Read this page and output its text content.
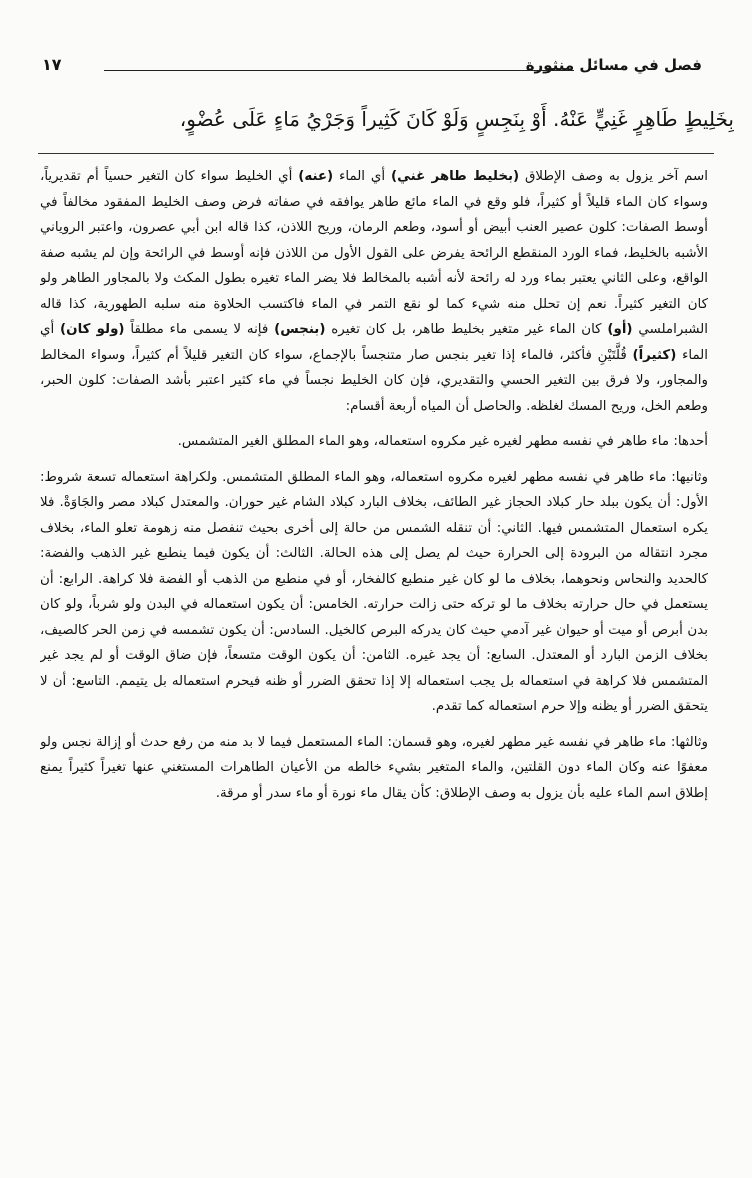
فصل في مسائل منثورة
١٧
بِخَلِيطٍ طَاهِرٍ غَنِيٍّ عَنْهُ. أَوْ بِنَجِسٍ وَلَوْ كَانَ كَثِيراً وَجَرْيُ مَاءٍ عَلَى عُضْوٍ،

اسم آخر يزول به وصف الإطلاق (بخليط طاهر غني) أي الماء (عنه) أي الخليط سواء كان التغير حسياً أم تقديرياً، وسواء كان الماء قليلاً أو كثيراً، فلو وقع في الماء مائع طاهر يوافقه في صفاته فرض وصف الخليط المفقود مخالفاً في أوسط الصفات: كلون عصير العنب أبيض أو أسود، وطعم الرمان، وريح اللاذن، كذا قاله ابن أبي عصرون، واعتبر الروياني الأشبه بالخليط، فماء الورد المنقطع الرائحة يفرض على القول الأول من اللاذن فإنه أوسط في الرائحة وإن لم يشبه صفة الواقع، وعلى الثاني يعتبر بماء ورد له رائحة لأنه أشبه بالمخالط فلا يضر الماء تغيره بطول المكث ولا بالمجاور الطاهر ولو كان التغير كثيراً. نعم إن تحلل منه شيء كما لو نقع التمر في الماء فاكتسب الحلاوة منه سلبه الطهورية، كذا قاله الشبراملسي (أو) كان الماء غير متغير بخليط طاهر، بل كان تغيره (بنجس) فإنه لا يسمى ماء مطلقاً (ولو كان) أي الماء (كثيراً) قُلَّتَيْنِ فأكثر، فالماء إذا تغير بنجس صار متنجساً بالإجماع، سواء كان التغير قليلاً أم كثيراً، وسواء المخالط والمجاور، ولا فرق بين التغير الحسي والتقديري، فإن كان الخليط نجساً في ماء كثير اعتبر بأشد الصفات: كلون الحبر، وطعم الخل، وريح المسك لغلظه. والحاصل أن المياه أربعة أقسام:

أحدها: ماء طاهر في نفسه مطهر لغيره غير مكروه استعماله، وهو الماء المطلق الغير المتشمس.

وثانيها: ماء طاهر في نفسه مطهر لغيره مكروه استعماله، وهو الماء المطلق المتشمس. ولكراهة استعماله تسعة شروط: الأول: أن يكون ببلد حار كبلاد الحجاز غير الطائف، بخلاف البارد كبلاد الشام غير حوران. والمعتدل كبلاد مصر والجَاوَةْ. فلا يكره استعمال المتشمس فيها. الثاني: أن تنقله الشمس من حالة إلى أخرى بحيث تنفصل منه زهومة تعلو الماء، بخلاف مجرد انتقاله من البرودة إلى الحرارة حيث لم يصل إلى هذه الحالة. الثالث: أن يكون فيما ينطبع غير الذهب والفضة: كالحديد والنحاس ونحوهما، بخلاف ما لو كان غير منطبع كالفخار، أو في منطبع من الذهب أو الفضة فلا كراهة. الرابع: أن يستعمل في حال حرارته بخلاف ما لو تركه حتى زالت حرارته. الخامس: أن يكون استعماله في البدن ولو شرباً، ولو كان بدن أبرص أو ميت أو حيوان غير آدمي حيث كان يدركه البرص كالخيل. السادس: أن يكون تشمسه في زمن الحر كالصيف، بخلاف الزمن البارد أو المعتدل. السابع: أن يجد غيره. الثامن: أن يكون الوقت متسعاً، فإن ضاق الوقت أو لم يجد غير المتشمس فلا كراهة في استعماله بل يجب استعماله إلا إذا تحقق الضرر أو ظنه فيحرم استعماله بل يتيمم. التاسع: أن لا يتحقق الضرر أو يظنه وإلا حرم استعماله كما تقدم.

وثالثها: ماء طاهر في نفسه غير مطهر لغيره، وهو قسمان: الماء المستعمل فيما لا بد منه من رفع حدث أو إزالة نجس ولو معفوًا عنه وكان الماء دون القلتين، والماء المتغير بشيء خالطه من الأعيان الطاهرات المستغني عنها تغيراً كثيراً يمنع إطلاق اسم الماء عليه بأن يزول به وصف الإطلاق: كأن يقال ماء نورة أو ماء سدر أو مرقة.
